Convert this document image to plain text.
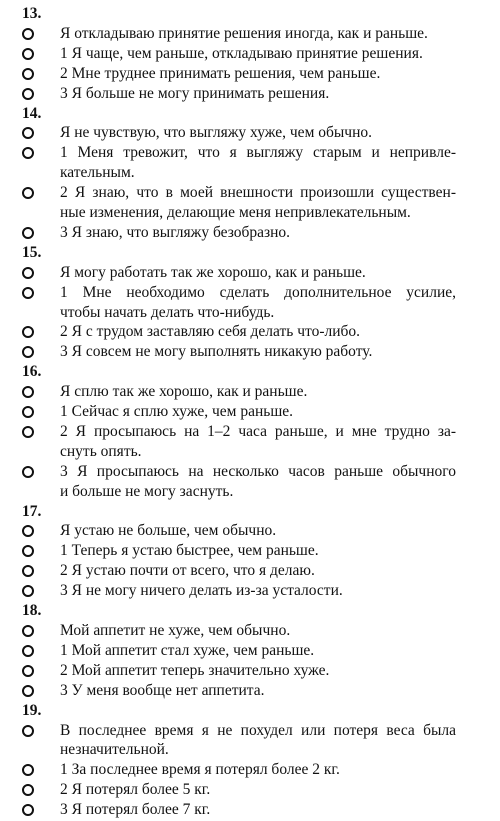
13.
Я откладываю принятие решения иногда, как и раньше.
1 Я чаще, чем раньше, откладываю принятие решения.
2 Мне труднее принимать решения, чем раньше.
3 Я больше не могу принимать решения.
14.
Я не чувствую, что выгляжу хуже, чем обычно.
1 Меня тревожит, что я выгляжу старым и непривле-
кательным.
2 Я знаю, что в моей внешности произошли существен-
ные изменения, делающие меня непривлекательным.
3 Я знаю, что выгляжу безобразно.
15.
Я могу работать так же хорошо, как и раньше.
1 Мне необходимо сделать дополнительное усилие,
чтобы начать делать что-нибудь.
2 Я с трудом заставляю себя делать что-либо.
3 Я совсем не могу выполнять никакую работу.
16.
Я сплю так же хорошо, как и раньше.
1 Сейчас я сплю хуже, чем раньше.
2 Я просыпаюсь на 1–2 часа раньше, и мне трудно за-
снуть опять.
3 Я просыпаюсь на несколько часов раньше обычного
и больше не могу заснуть.
17.
Я устаю не больше, чем обычно.
1 Теперь я устаю быстрее, чем раньше.
2 Я устаю почти от всего, что я делаю.
3 Я не могу ничего делать из-за усталости.
18.
Мой аппетит не хуже, чем обычно.
1 Мой аппетит стал хуже, чем раньше.
2 Мой аппетит теперь значительно хуже.
3 У меня вообще нет аппетита.
19.
В последнее время я не похудел или потеря веса была
незначительной.
1 За последнее время я потерял более 2 кг.
2 Я потерял более 5 кг.
3 Я потерял более 7 кг.
